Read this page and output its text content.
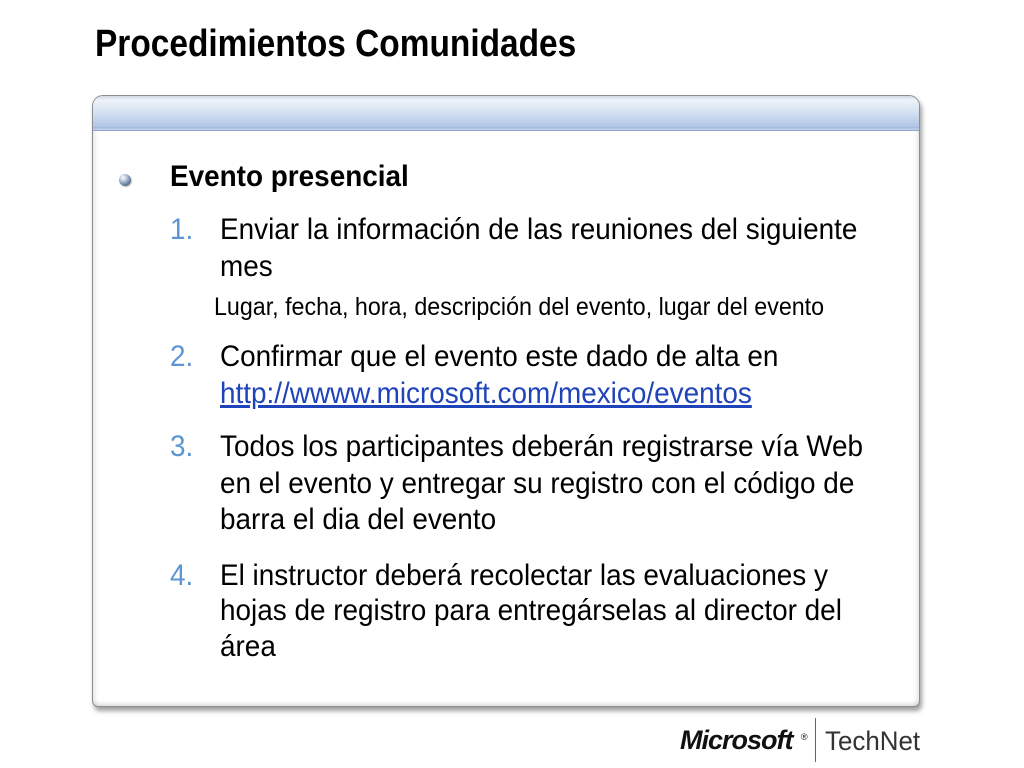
Procedimientos Comunidades
Evento presencial
1. Enviar la información de las reuniones del siguiente
mes
Lugar, fecha, hora, descripción del evento, lugar del evento
2. Confirmar que el evento este dado de alta en
http://wwww.microsoft.com/mexico/eventos
3. Todos los participantes deberán registrarse vía Web
en el evento y entregar su registro con el código de
barra el dia del evento
4. El instructor deberá recolectar las evaluaciones y
hojas de registro para entregárselas al director del
área
Microsoft ® TechNet
